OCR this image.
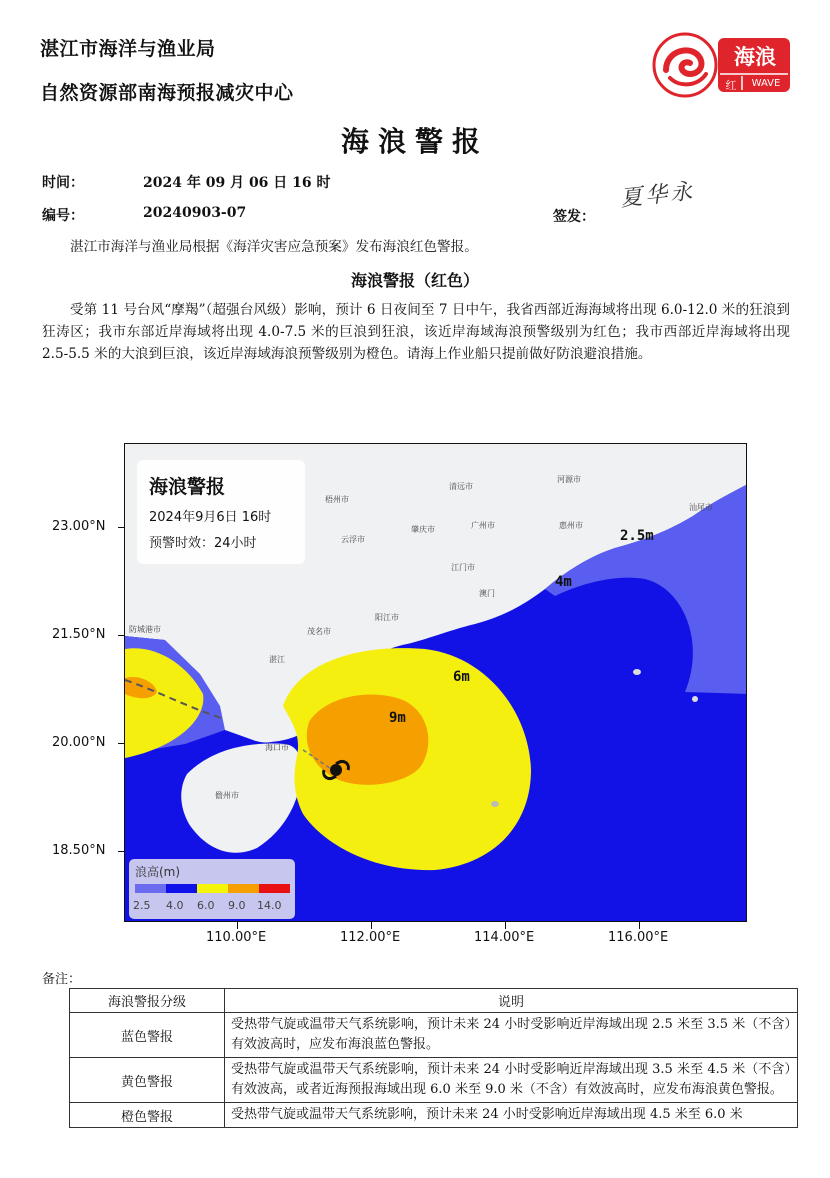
湛江市海洋与渔业局
自然资源部南海预报减灾中心
海浪
红	WAVE
海浪警报
时间：	2024 年 09 月 06 日 16 时
编号：	20240903-07	签发：
夏华永
湛江市海洋与渔业局根据《海洋灾害应急预案》发布海浪红色警报。
海浪警报（红色）
受第 11 号台风“摩羯”（超强台风级）影响，预计 6 日夜间至 7 日中午，我省西部近海海域将出现 6.0-12.0 米的狂浪到狂涛区；我市东部近岸海域将出现 4.0-7.5 米的巨浪到狂浪，该近岸海域海浪预警级别为红色；我市西部近岸海域将出现 2.5-5.5 米的大浪到巨浪，该近岸海域海浪预警级别为橙色。请海上作业船只提前做好防浪避浪措施。
2.5m
4m
6m
9m
梧州市
清远市
河源市
肇庆市	广州市	惠州市
汕尾市
云浮市
江门市
澳门
阳江市
茂名市
防城港市
湛江
海口市
儋州市
海浪警报
2024年9月6日 16时
预警时效：24小时
浪高(m)
2.5 4.0 6.0 9.0 14.0
23.00°N
21.50°N
20.00°N
18.50°N
110.00°E	112.00°E	114.00°E	116.00°E
备注：
海浪警报分级	说明
蓝色警报	受热带气旋或温带天气系统影响，预计未来 24 小时受影响近岸海域出现 2.5 米至 3.5 米（不含）有效波高时，应发布海浪蓝色警报。
黄色警报	受热带气旋或温带天气系统影响，预计未来 24 小时受影响近岸海域出现 3.5 米至 4.5 米（不含）有效波高，或者近海预报海域出现 6.0 米至 9.0 米（不含）有效波高时，应发布海浪黄色警报。
橙色警报	受热带气旋或温带天气系统影响，预计未来 24 小时受影响近岸海域出现 4.5 米至 6.0 米
